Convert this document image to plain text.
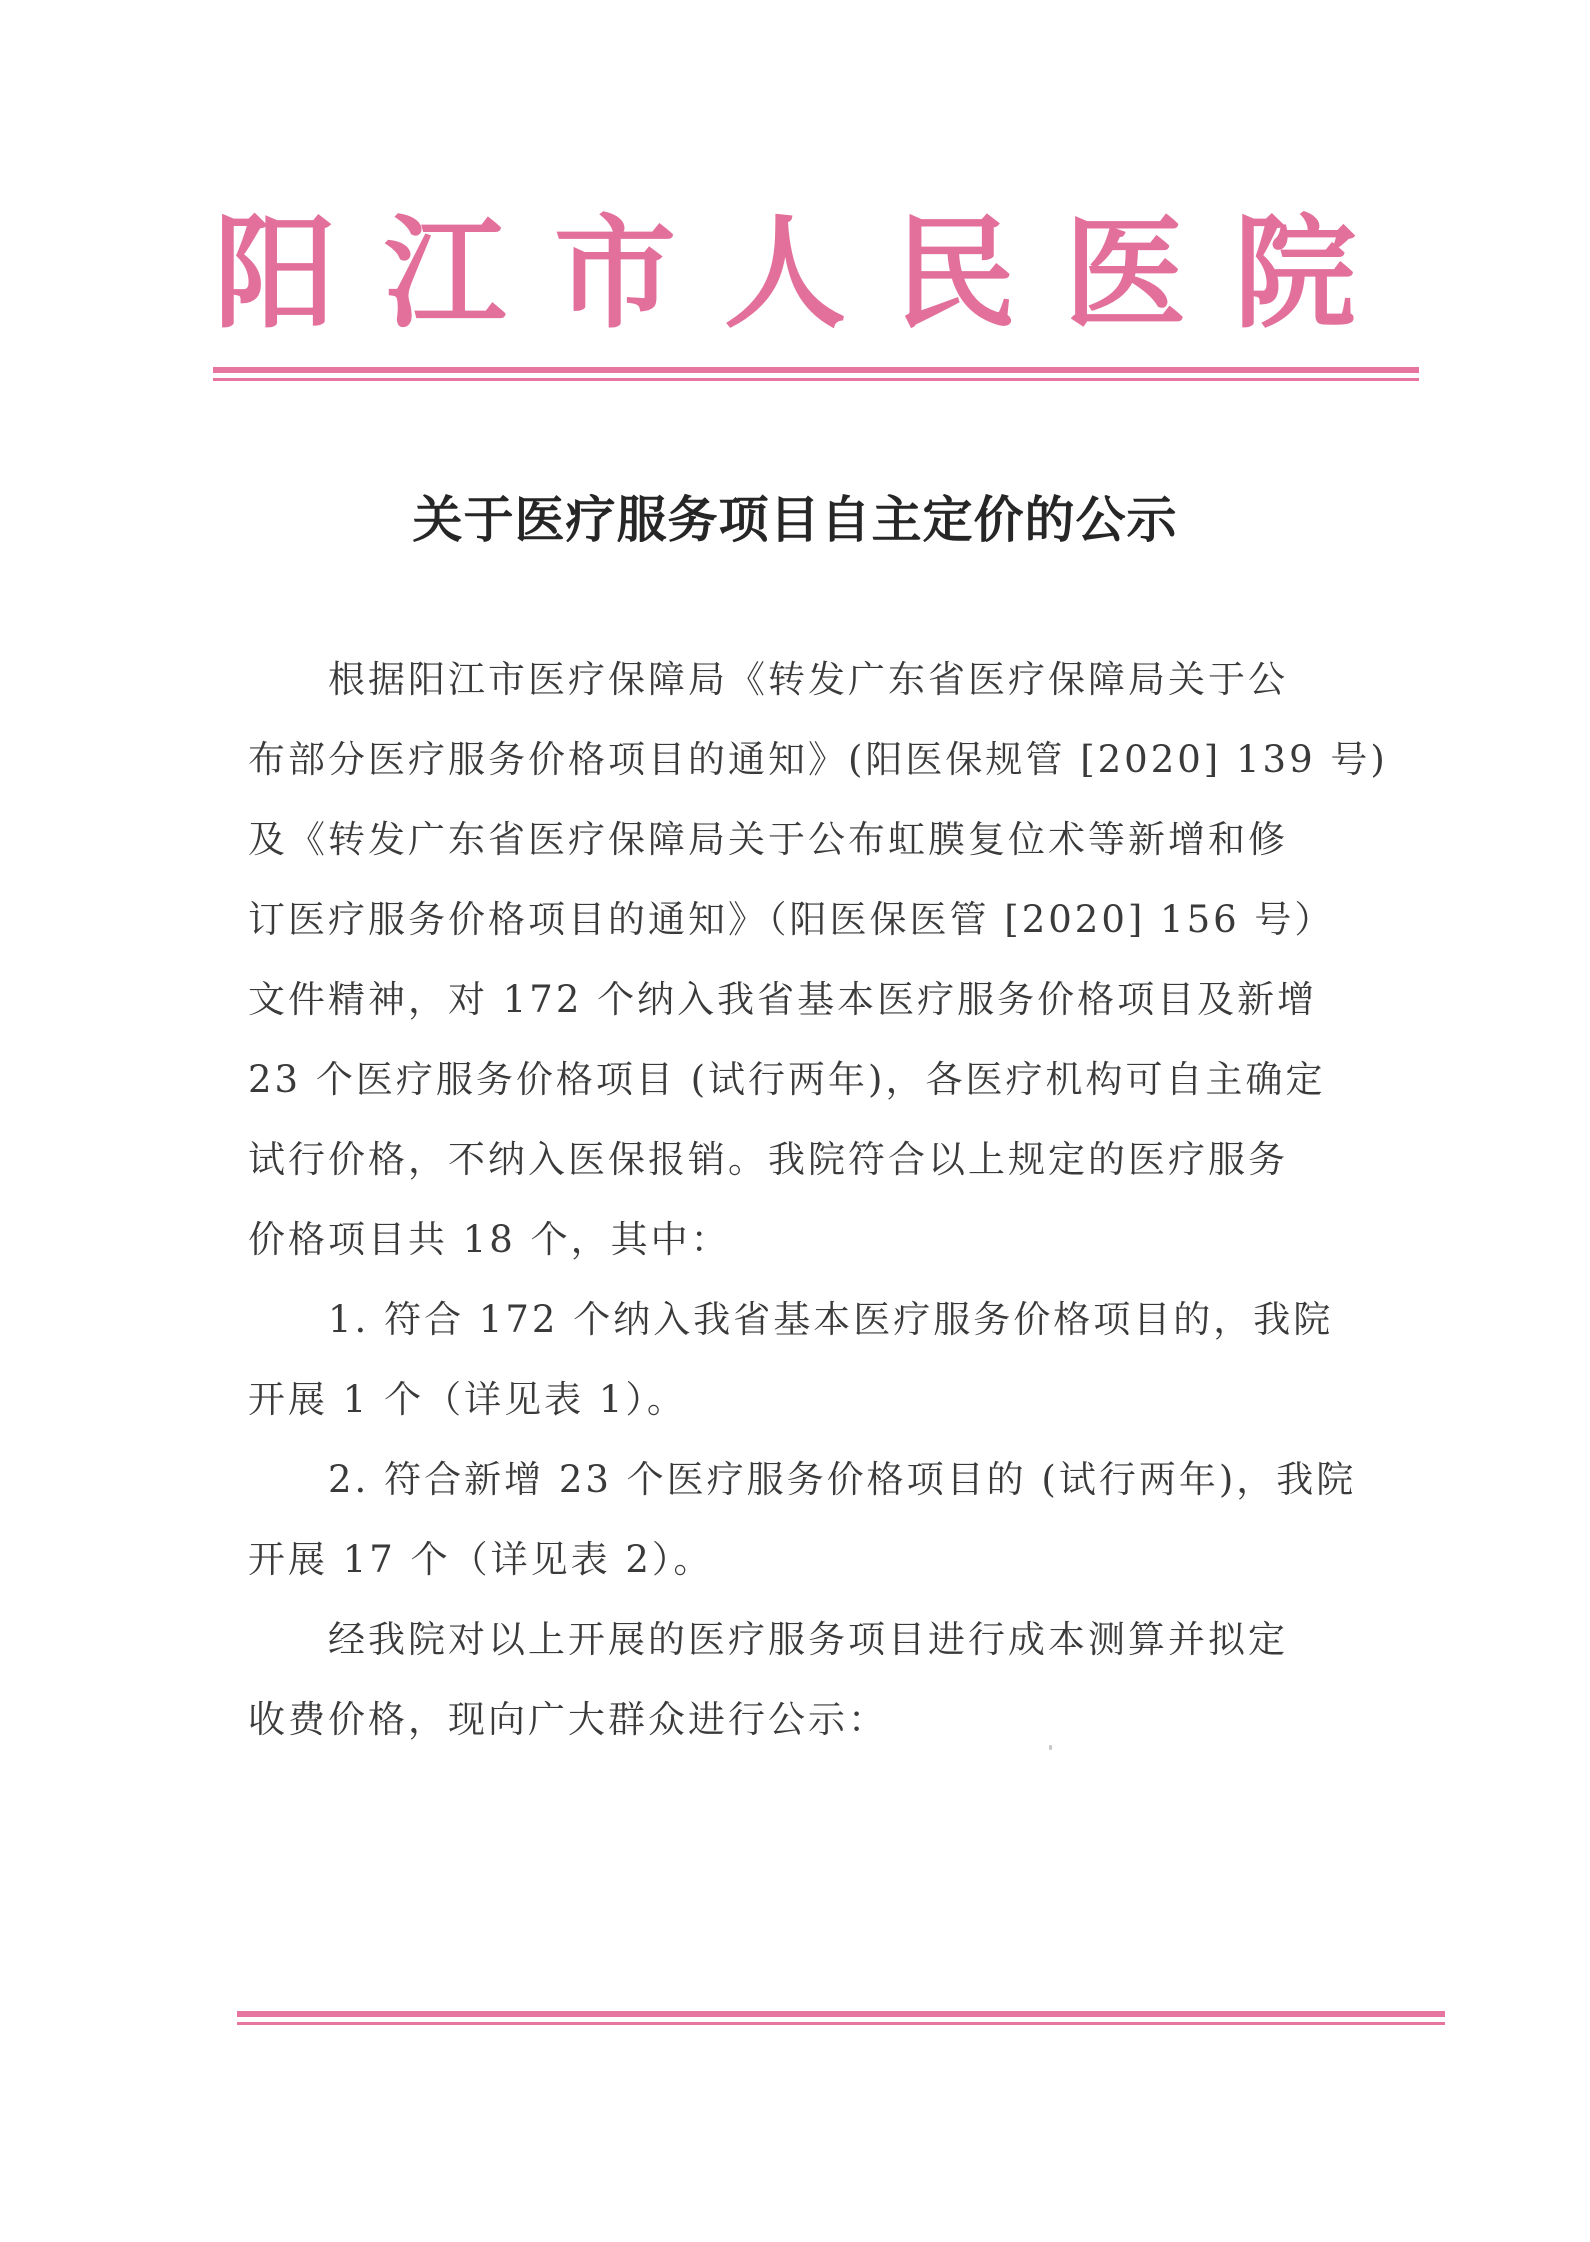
阳 江 市 人 民 医 院
关于医疗服务项目自主定价的公示
根据阳江市医疗保障局《转发广东省医疗保障局关于公
布部分医疗服务价格项目的通知》(阳医保规管 [2020] 139 号)
及《转发广东省医疗保障局关于公布虹膜复位术等新增和修
订医疗服务价格项目的通知》（阳医保医管 [2020] 156 号）
文件精神，对 172 个纳入我省基本医疗服务价格项目及新增
23 个医疗服务价格项目 (试行两年)，各医疗机构可自主确定
试行价格，不纳入医保报销。我院符合以上规定的医疗服务
价格项目共 18 个，其中：
1. 符合 172 个纳入我省基本医疗服务价格项目的，我院
开展 1 个（详见表 1）。
2. 符合新增 23 个医疗服务价格项目的 (试行两年)，我院
开展 17 个（详见表 2）。
经我院对以上开展的医疗服务项目进行成本测算并拟定
收费价格，现向广大群众进行公示：
